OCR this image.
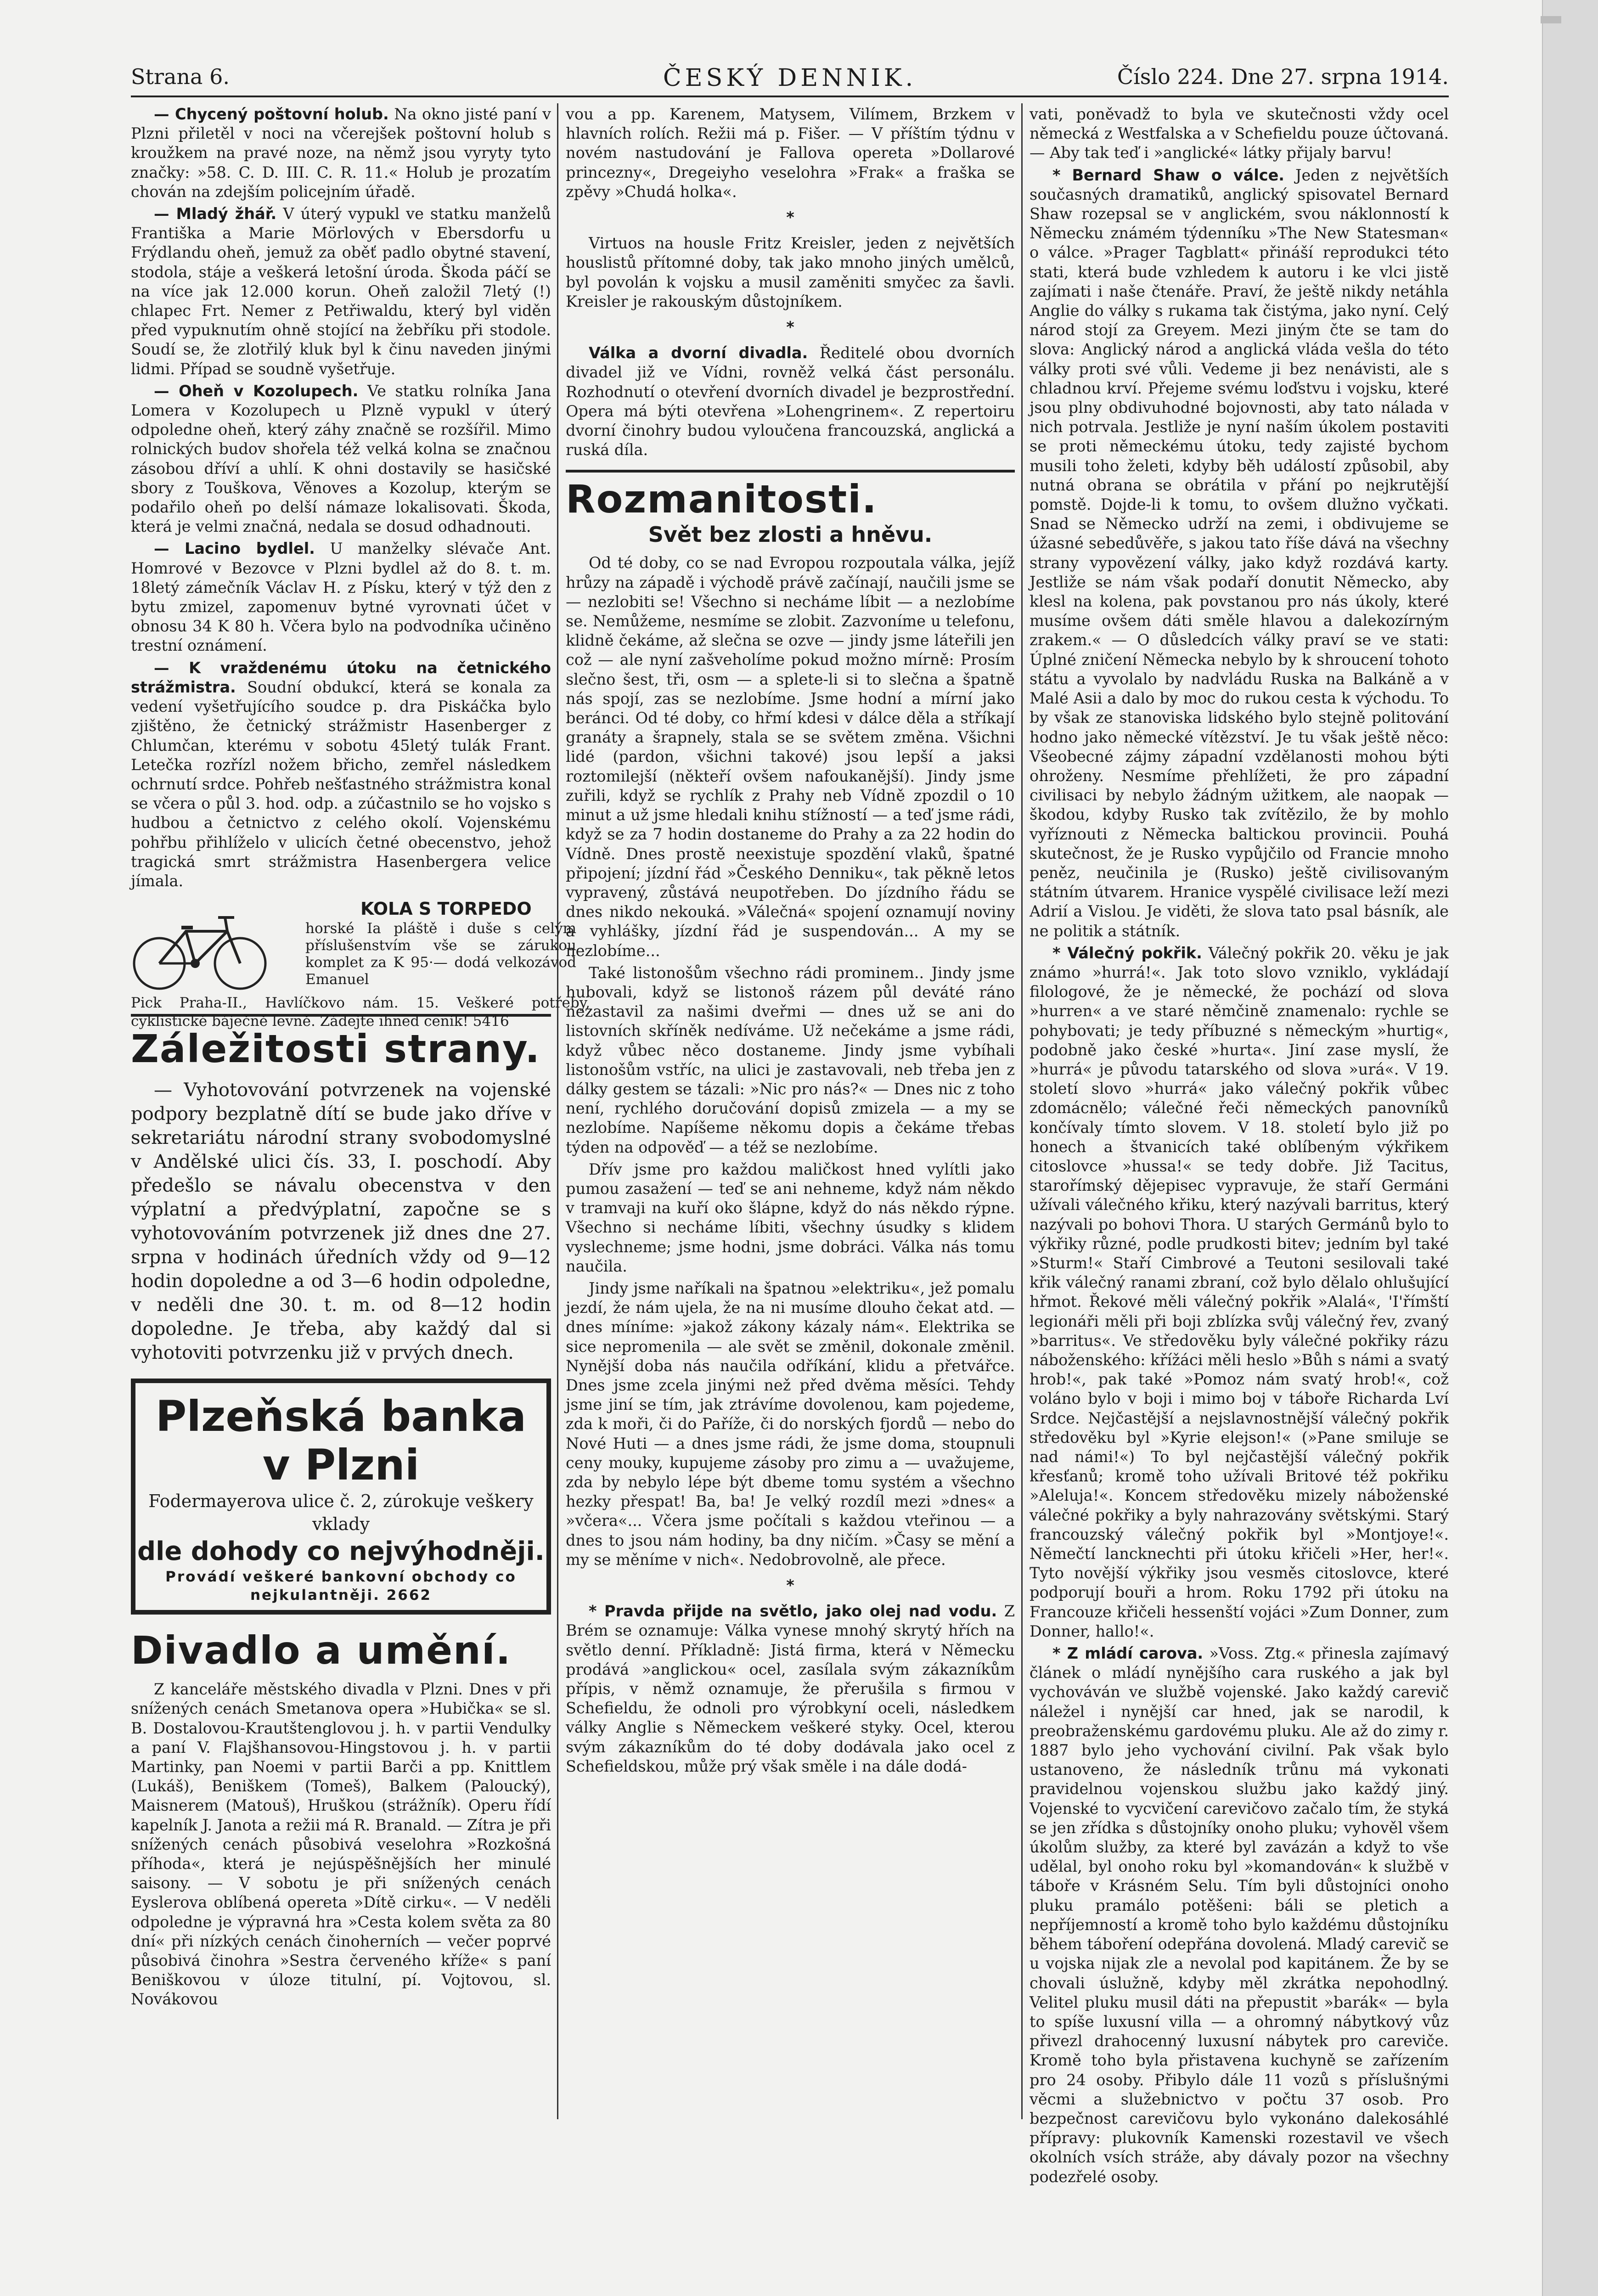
Strana 6.	ČESKÝ DENNIK.	Číslo 224. Dne 27. srpna 1914.

— Chycený poštovní holub. Na okno jisté paní v Plzni přiletěl v noci na včerejšek poštovní holub s kroužkem na pravé noze, na němž jsou vyryty tyto značky: »58. C. D. III. C. R. 11.« Holub je prozatím chován na zdejším policejním úřadě.

— Mladý žhář. V úterý vypukl ve statku manželů Františka a Marie Mörlových v Ebersdorfu u Frýdlandu oheň, jemuž za oběť padlo obytné stavení, stodola, stáje a veškerá letošní úroda. Škoda páčí se na více jak 12.000 korun. Oheň založil 7letý (!) chlapec Frt. Nemer z Petřiwaldu, který byl viděn před vypuknutím ohně stojící na žebříku při stodole. Soudí se, že zlotřilý kluk byl k činu naveden jinými lidmi. Případ se soudně vyšetřuje.

— Oheň v Kozolupech. Ve statku rolníka Jana Lomera v Kozolupech u Plzně vypukl v úterý odpoledne oheň, který záhy značně se rozšířil. Mimo rolnických budov shořela též velká kolna se značnou zásobou dříví a uhlí. K ohni dostavily se hasičské sbory z Touškova, Věnoves a Kozolup, kterým se podařilo oheň po delší námaze lokalisovati. Škoda, která je velmi značná, nedala se dosud odhadnouti.

— Lacino bydlel. U manželky slévače Ant. Homrové v Bezovce v Plzni bydlel až do 8. t. m. 18letý zámečník Václav H. z Písku, který v týž den z bytu zmizel, zapomenuv bytné vyrovnati účet v obnosu 34 K 80 h. Včera bylo na podvodníka učiněno trestní oznámení.

— K vraždenému útoku na četnického strážmistra. Soudní obdukcí, která se konala za vedení vyšetřujícího soudce p. dra Piskáčka bylo zjištěno, že četnický strážmistr Hasenberger z Chlumčan, kterému v sobotu 45letý tulák Frant. Letečka rozřízl nožem břicho, zemřel následkem ochrnutí srdce. Pohřeb nešťastného strážmistra konal se včera o půl 3. hod. odp. a zúčastnilo se ho vojsko s hudbou a četnictvo z celého okolí. Vojenskému pohřbu přihlíželo v ulicích četné obecenstvo, jehož tragická smrt strážmistra Hasenbergera velice jímala.

KOLA S TORPEDO
horské Ia pláště i duše s celým příslušenstvím vše se zárukou komplet za K 95·— dodá velkozávod Emanuel
Pick Praha-II., Havlíčkovo nám. 15. Veškeré potřeby, cyklistické báječně levně. Zádejte ihned ceník! 5416
Záležitosti strany.

— Vyhotovování potvrzenek na vojenské podpory bezplatně dítí se bude jako dříve v sekretariátu národní strany svobodomyslné v Andělské ulici čís. 33, I. poschodí. Aby předešlo se návalu obecenstva v den výplatní a předvýplatní, započne se s vyhotovováním potvrzenek již dnes dne 27. srpna v hodinách úředních vždy od 9—12 hodin dopoledne a od 3—6 hodin odpoledne, v neděli dne 30. t. m. od 8—12 hodin dopoledne. Je třeba, aby každý dal si vyhotoviti potvrzenku již v prvých dnech.

Plzeňská banka
v Plzni
Fodermayerova ulice č. 2, zúrokuje veškery vklady
dle dohody co nejvýhodněji.
Provádí veškeré bankovní obchody co nejkulantněji. 2662
Divadlo a umění.

Z kanceláře městského divadla v Plzni. Dnes v při snížených cenách Smetanova opera »Hubička« se sl. B. Dostalovou-Krautštenglovou j. h. v partii Vendulky a paní V. Flajšhansovou-Hingstovou j. h. v partii Martinky, pan Noemi v partii Barči a pp. Knittlem (Lukáš), Beniškem (Tomeš), Balkem (Paloucký), Maisnerem (Matouš), Hruškou (strážník). Operu řídí kapelník J. Janota a režii má R. Branald. — Zítra je při snížených cenách působivá veselohra »Rozkošná příhoda«, která je nejúspěšnějších her minulé saisony. — V sobotu je při snížených cenách Eyslerova oblíbená opereta »Dítě cirku«. — V neděli odpoledne je výpravná hra »Cesta kolem světa za 80 dní« při nízkých cenách činoherních — večer poprvé působivá činohra »Sestra červeného kříže« s paní Beniškovou v úloze titulní, pí. Vojtovou, sl. Novákovou

vou a pp. Karenem, Matysem, Vilímem, Brzkem v hlavních rolích. Režii má p. Fišer. — V příštím týdnu v novém nastudování je Fallova opereta »Dollarové princezny«, Dregeiyho veselohra »Frak« a fraška se zpěvy »Chudá holka«.

*

Virtuos na housle Fritz Kreisler, jeden z největších houslistů přítomné doby, tak jako mnoho jiných umělců, byl povolán k vojsku a musil zaměniti smyčec za šavli. Kreisler je rakouským důstojníkem.

*

Válka a dvorní divadla. Ředitelé obou dvorních divadel již ve Vídni, rovněž velká část personálu. Rozhodnutí o otevření dvorních divadel je bezprostřední. Opera má býti otevřena »Lohengrinem«. Z repertoiru dvorní činohry budou vyloučena francouzská, anglická a ruská díla.

Rozmanitosti.
Svět bez zlosti a hněvu.

Od té doby, co se nad Evropou rozpoutala válka, jejíž hrůzy na západě i východě právě začínají, naučili jsme se — nezlobiti se! Všechno si necháme líbit — a nezlobíme se. Nemůžeme, nesmíme se zlobit. Zazvoníme u telefonu, klidně čekáme, až slečna se ozve — jindy jsme láteřili jen což — ale nyní zašveholíme pokud možno mírně: Prosím slečno šest, tři, osm — a splete-li si to slečna a špatně nás spojí, zas se nezlobíme. Jsme hodní a mírní jako beránci. Od té doby, co hřmí kdesi v dálce děla a stříkají granáty a šrapnely, stala se se světem změna. Všichni lidé (pardon, všichni takové) jsou lepší a jaksi roztomilejší (někteří ovšem nafoukanější). Jindy jsme zuřili, když se rychlík z Prahy neb Vídně zpozdil o 10 minut a už jsme hledali knihu stížností — a teď jsme rádi, když se za 7 hodin dostaneme do Prahy a za 22 hodin do Vídně. Dnes prostě neexistuje spozdění vlaků, špatné připojení; jízdní řád »Českého Denniku«, tak pěkně letos vypravený, zůstává neupotřeben. Do jízdního řádu se dnes nikdo nekouká. »Válečná« spojení oznamují noviny a vyhlášky, jízdní řád je suspendován... A my se nezlobíme...

Také listonošům všechno rádi prominem.. Jindy jsme hubovali, když se listonoš rázem půl deváté ráno nezastavil za našimi dveřmi — dnes už se ani do listovních skříněk nedíváme. Už nečekáme a jsme rádi, když vůbec něco dostaneme. Jindy jsme vybíhali listonošům vstříc, na ulici je zastavovali, neb třeba jen z dálky gestem se tázali: »Nic pro nás?« — Dnes nic z toho není, rychlého doručování dopisů zmizela — a my se nezlobíme. Napíšeme někomu dopis a čekáme třebas týden na odpověď — a též se nezlobíme.

Dřív jsme pro každou maličkost hned vylítli jako pumou zasažení — teď se ani nehneme, když nám někdo v tramvaji na kuří oko šlápne, když do nás někdo rýpne. Všechno si necháme líbiti, všechny úsudky s klidem vyslechneme; jsme hodni, jsme dobráci. Válka nás tomu naučila.

Jindy jsme naříkali na špatnou »elektriku«, jež pomalu jezdí, že nám ujela, že na ni musíme dlouho čekat atd. — dnes míníme: »jakož zákony kázaly nám«. Elektrika se sice nepromenila — ale svět se změnil, dokonale změnil. Nynější doba nás naučila odříkání, klidu a přetvářce. Dnes jsme zcela jinými než před dvěma měsíci. Tehdy jsme jiní se tím, jak ztrávíme dovolenou, kam pojedeme, zda k moři, či do Paříže, či do norských fjordů — nebo do Nové Huti — a dnes jsme rádi, že jsme doma, stoupnuli ceny mouky, kupujeme zásoby pro zimu a — uvažujeme, zda by nebylo lépe být dbeme tomu systém a všechno hezky přespat! Ba, ba! Je velký rozdíl mezi »dnes« a »včera«... Včera jsme počítali s každou vteřinou — a dnes to jsou nám hodiny, ba dny ničím. »Časy se mění a my se měníme v nich«. Nedobrovolně, ale přece.

*

* Pravda přijde na světlo, jako olej nad vodu. Z Brém se oznamuje: Válka vynese mnohý skrytý hřích na světlo denní. Příkladně: Jistá firma, která v Německu prodává »anglickou« ocel, zasílala svým zákazníkům přípis, v němž oznamuje, že přerušila s firmou v Schefieldu, že odnoli pro výrobkyní oceli, následkem války Anglie s Německem veškeré styky. Ocel, kterou svým zákazníkům do té doby dodávala jako ocel z Schefieldskou, může prý však směle i na dále dodá-

vati, poněvadž to byla ve skutečnosti vždy ocel německá z Westfalska a v Schefieldu pouze účtovaná. — Aby tak teď i »anglické« látky přijaly barvu!

* Bernard Shaw o válce. Jeden z největších současných dramatiků, anglický spisovatel Bernard Shaw rozepsal se v anglickém, svou náklonností k Německu známém týdenníku »The New Statesman« o válce. »Prager Tagblatt« přináší reprodukci této stati, která bude vzhledem k autoru i ke vlci jistě zajímati i naše čtenáře. Praví, že ještě nikdy netáhla Anglie do války s rukama tak čistýma, jako nyní. Celý národ stojí za Greyem. Mezi jiným čte se tam do slova: Anglický národ a anglická vláda vešla do této války proti své vůli. Vedeme ji bez nenávisti, ale s chladnou krví. Přejeme svému loďstvu i vojsku, které jsou plny obdivuhodné bojovnosti, aby tato náladа v nich potrvala. Jestliže je nyní naším úkolem postaviti se proti německému útoku, tedy zajisté bychom musili toho želeti, kdyby běh událostí způsobil, aby nutná obrana se obrátila v přání po nejkrutější pomstě. Dojde-li k tomu, to ovšem dlužno vyčkati. Snad se Německo udrží na zemi, i obdivujeme se úžasné sebedůvěře, s jakou tato říše dává na všechny strany vypovězení války, jako když rozdává karty. Jestliže se nám však podaří donutit Německo, aby klesl na kolena, pak povstanou pro nás úkoly, které musíme ovšem dáti směle hlavou a dalekozírným zrakem.« — O důsledcích války praví se ve stati: Úplné zničení Německa nebylo by k shroucení tohoto státu a vyvolalo by nadvládu Ruska na Balkáně a v Malé Asii a dalo by moc do rukou cesta k východu. To by však ze stanoviska lidského bylo stejně politování hodno jako německé vítězství. Je tu však ještě něco: Všeobecné zájmy západní vzdělanosti mohou býti ohroženy. Nesmíme přehlížeti, že pro západní civilisaci by nebylo žádným užitkem, ale naopak — škodou, kdyby Rusko tak zvítězilo, že by mohlo vyříznouti z Německa baltickou provincii. Pouhá skutečnost, že je Rusko vypůjčilo od Francie mnoho peněz, neučinila je (Rusko) ještě civilisovaným státním útvarem. Hranice vyspělé civilisace leží mezi Adrií a Vislou. Je viděti, že slova tato psal básník, ale ne politik a státník.

* Válečný pokřik. Válečný pokřik 20. věku je jak známo »hurrá!«. Jak toto slovo vzniklo, vykládají filologové, že je německé, že pochází od slova »hurren« a ve staré němčině znamenalo: rychle se pohybovati; je tedy příbuzné s německým »hurtig«, podobně jako české »hurtа«. Jiní zase myslí, že »hurrá« je původu tatarského od slova »urá«. V 19. století slovo »hurrá« jako válečný pokřik vůbec zdomácnělo; válečné řeči německých panovníků končívaly tímto slovem. V 18. století bylo již po honech a štvanicích také oblíbeným výkřikem citoslovce »hussa!« se tedy dobře. Již Tacitus, starořímský dějepisec vypravuje, že staří Germáni užívali válečného křiku, který nazývali barritus, který nazývali po bohovi Thora. U starých Germánů bylo to výkřiky různé, podle prudkosti bitev; jedním byl také »Sturm!« Staří Cimbrové a Teutoni sesilovali také křik válečný ranami zbraní, což bylo dělalo ohlušující hřmot. Řekové měli válečný pokřik »Alalá«, 'I'římští legionáři měli při boji zblízka svůj válečný řev, zvaný »barritus«. Ve středověku byly válečné pokřiky rázu náboženského: křížáci měli heslo »Bůh s námi a svatý hrob!«, pak také »Pomoz nám svatý hrob!«, což voláno bylo v boji i mimo boj v táboře Richarda Lví Srdce. Nejčastější a nejslavnostnější válečný pokřik středověku byl »Kyrie elejson!« (»Pane smiluje se nad námi!«) To byl nejčastější válečný pokřik křesťanů; kromě toho užívali Britové též pokřiku »Aleluja!«. Koncem středověku mizely náboženské válečné pokřiky a byly nahrazovány světskými. Starý francouzský válečný pokřik byl »Montjoye!«. Němečtí lancknechti při útoku křičeli »Her, her!«. Tyto novější výkřiky jsou vesměs citoslovce, které podporují bouři a hrom. Roku 1792 při útoku na Francouze křičeli hessenští vojáci »Zum Donner, zum Donner, hallo!«.

* Z mládí carova. »Voss. Ztg.« přinesla zajímavý článek o mládí nynějšího cara ruského a jak byl vychováván ve službě vojenské. Jako každý carevič náležel i nynější car hned, jak se narodil, k preobraženskému gardovému pluku. Ale až do zimy r. 1887 bylo jeho vychování civilní. Pak však bylo ustanoveno, že následník trůnu má vykonati pravidelnou vojenskou službu jako každý jiný. Vojenské to vycvičení carevičovo začalo tím, že styká se jen zřídka s důstojníky onoho pluku; vyhověl všem úkolům služby, za které byl zavázán a když to vše udělal, byl onoho roku byl »komandován« k službě v táboře v Krásném Selu. Tím byli důstojníci onoho pluku pramálo potěšeni: báli se pletich a nepříjemností a kromě toho bylo každému důstojníku během táboření odepřána dovolená. Mladý carevič se u vojska nijak zle a nevolal pod kapitánem. Že by se chovali úslužně, kdyby měl zkrátka nepohodlný. Velitel pluku musil dáti na přepustit »barák« — byla to spíše luxusní villa — a ohromný nábytkový vůz přivezl drahocenný luxusní nábytek pro careviče. Kromě toho byla přistavena kuchyně se zařízením pro 24 osoby. Přibylo dále 11 vozů s příslušnými věcmi a služebnictvo v počtu 37 osob. Pro bezpečnost carevičovu bylo vykonáno dalekosáhlé přípravy: plukovník Kamenski rozestavil ve všech okolních vsích stráže, aby dávaly pozor na všechny podezřelé osoby.
